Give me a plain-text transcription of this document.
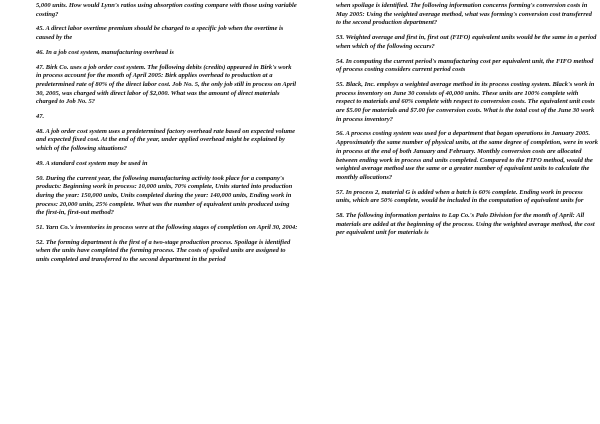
5,000 units. How would Lynn's ratios using absorption costing compare with those using variable costing?

45. A direct labor overtime premium should be charged to a specific job when the overtime is caused by the

46. In a job cost system, manufacturing overhead is

47. Birk Co. uses a job order cost system. The following debits (credits) appeared in Birk's work in process account for the month of April 2005: Birk applies overhead to production at a predetermined rate of 80% of the direct labor cost. Job No. 5, the only job still in process on April 30, 2005, was charged with direct labor of $2,000. What was the amount of direct materials charged to Job No. 5?

47.

48. A job order cost system uses a predetermined factory overhead rate based on expected volume and expected fixed cost. At the end of the year, under applied overhead might be explained by which of the following situations?

49. A standard cost system may be used in

50. During the current year, the following manufacturing activity took place for a company's products: Beginning work in process: 10,000 units, 70% complete, Units started into production during the year: 150,000 units, Units completed during the year: 140,000 units, Ending work in process: 20,000 units, 25% complete. What was the number of equivalent units produced using the first-in, first-out method?

51. Yarn Co.'s inventories in process were at the following stages of completion on April 30, 2004:

52. The forming department is the first of a two-stage production process. Spoilage is identified when the units have completed the forming process. The costs of spoiled units are assigned to units completed and transferred to the second department in the period

when spoilage is identified. The following information concerns forming's conversion costs in May 2005: Using the weighted average method, what was forming's conversion cost transferred to the second production department?

53. Weighted average and first in, first out (FIFO) equivalent units would be the same in a period when which of the following occurs?

54. In computing the current period's manufacturing cost per equivalent unit, the FIFO method of process costing considers current period costs

55. Black, Inc. employs a weighted average method in its process costing system. Black's work in process inventory on June 30 consists of 40,000 units. These units are 100% complete with respect to materials and 60% complete with respect to conversion costs. The equivalent unit costs are $5.00 for materials and $7.00 for conversion costs. What is the total cost of the June 30 work in process inventory?

56. A process costing system was used for a department that began operations in January 2005. Approximately the same number of physical units, at the same degree of completion, were in work in process at the end of both January and February. Monthly conversion costs are allocated between ending work in process and units completed. Compared to the FIFO method, would the weighted average method use the same or a greater number of equivalent units to calculate the monthly allocations?

57. In process 2, material G is added when a batch is 60% complete. Ending work in process units, which are 50% complete, would be included in the computation of equivalent units for

58. The following information pertains to Lap Co.'s Palo Division for the month of April: All materials are added at the beginning of the process. Using the weighted average method, the cost per equivalent unit for materials is
